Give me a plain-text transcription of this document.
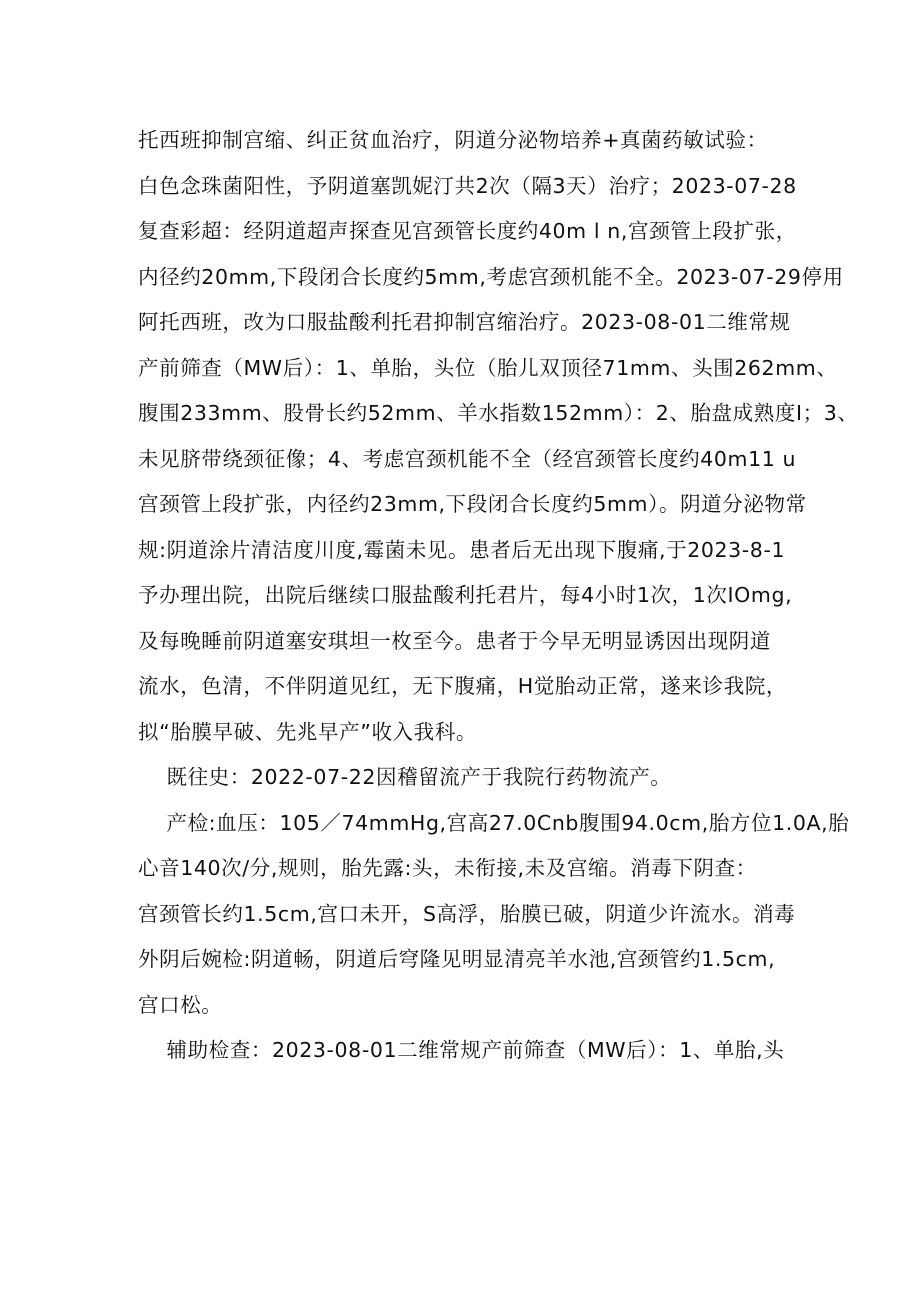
托西班抑制宫缩、纠正贫血治疗，阴道分泌物培养+真菌药敏试验：
白色念珠菌阳性，予阴道塞凯妮汀共2次（隔3天）治疗；2023-07-28
复查彩超：经阴道超声探查见宫颈管长度约40m l n,宫颈管上段扩张，
内径约20mm,下段闭合长度约5mm,考虑宫颈机能不全。2023-07-29停用
阿托西班，改为口服盐酸利托君抑制宫缩治疗。2023-08-01二维常规
产前筛查（MW后）：1、单胎，头位（胎儿双顶径71mm、头围262mm、
腹围233mm、股骨长约52mm、羊水指数152mm）：2、胎盘成熟度I；3、
未见脐带绕颈征像；4、考虑宫颈机能不全（经宫颈管长度约40m11 u
宫颈管上段扩张，内径约23mm,下段闭合长度约5mm）。阴道分泌物常
规:阴道涂片清洁度川度,霉菌未见。患者后无出现下腹痛,于2023-8-1
予办理出院，出院后继续口服盐酸利托君片，每4小时1次，1次IOmg,
及每晚睡前阴道塞安琪坦一枚至今。患者于今早无明显诱因出现阴道
流水，色清，不伴阴道见红，无下腹痛，H觉胎动正常，遂来诊我院，
拟“胎膜早破、先兆早产”收入我科。
既往史：2022-07-22因稽留流产于我院行药物流产。
产检:血压：105／74mmHg,宫高27.0Cnb腹围94.0cm,胎方位1.0A,胎
心音140次/分,规则，胎先露:头，未衔接,未及宫缩。消毒下阴查：
宫颈管长约1.5cm,宫口未开，S高浮，胎膜已破，阴道少许流水。消毒
外阴后婉检:阴道畅，阴道后穹隆见明显清亮羊水池,宫颈管约1.5cm,
宫口松。
辅助检查：2023-08-01二维常规产前筛查（MW后）：1、单胎,头
